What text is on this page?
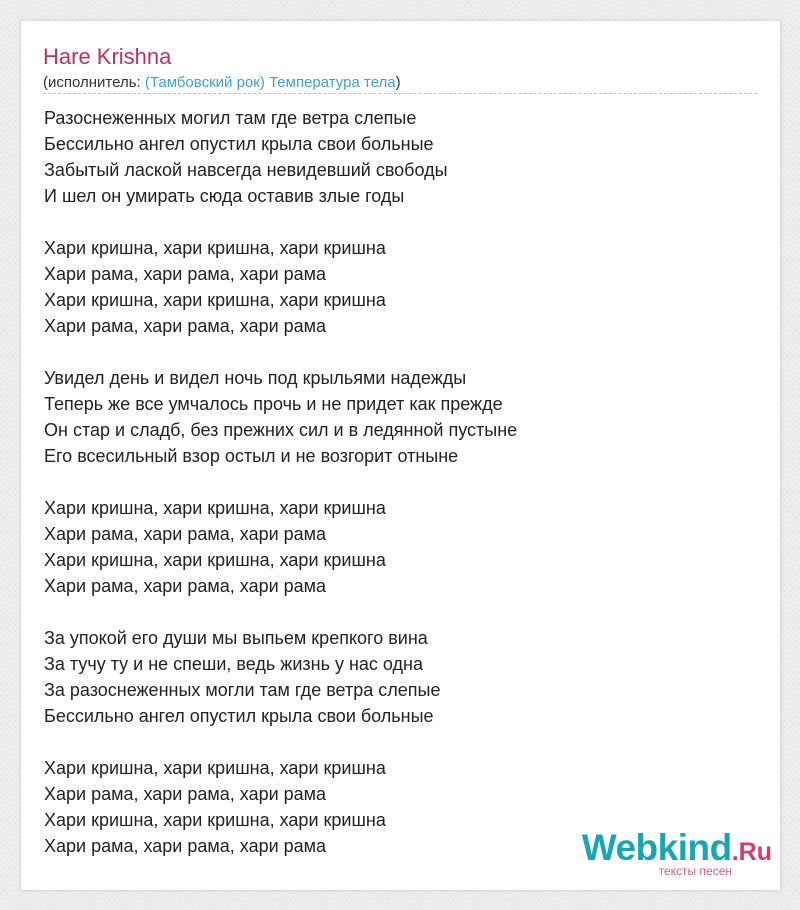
Hare Krishna
(исполнитель: (Тамбовский рок) Температура тела)
Разоснеженных могил там где ветра слепые
Бессильно ангел опустил крыла свои больные
Забытый лаской навсегда невидевший свободы
И шел он умирать сюда оставив злые годы

Хари кришна, хари кришна, хари кришна
Хари рама, хари рама, хари рама
Хари кришна, хари кришна, хари кришна
Хари рама, хари рама, хари рама

Увидел день и видел ночь под крыльями надежды
Теперь же все умчалось прочь и не придет как прежде
Он стар и сладб, без прежних сил и в ледянной пустыне
Его всесильный взор остыл и не возгорит отныне

Хари кришна, хари кришна, хари кришна
Хари рама, хари рама, хари рама
Хари кришна, хари кришна, хари кришна
Хари рама, хари рама, хари рама

За упокой его души мы выпьем крепкого вина
За тучу ту и не спеши, ведь жизнь у нас одна
За разоснеженных могли там где ветра слепые
Бессильно ангел опустил крыла свои больные

Хари кришна, хари кришна, хари кришна
Хари рама, хари рама, хари рама
Хари кришна, хари кришна, хари кришна
Хари рама, хари рама, хари рама	Webkind.Ru
тексты песен
